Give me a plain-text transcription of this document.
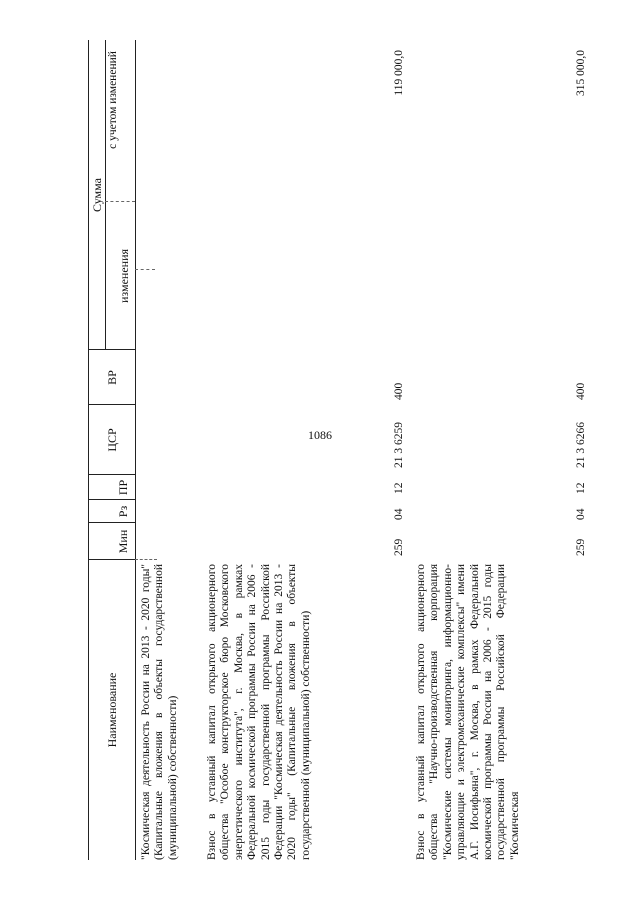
1086
Наименование
Мин
Рз
ПР
ЦСР
ВР
Сумма
изменения
с учетом изменений
"Космическая деятельность России на 2013 - 2020 годы" (Капитальные вложения в объекты государственной (муниципальной) собственности) Взнос в уставный капитал открытого акционерного общества "Особое конструкторское бюро Московского энергетического института", г. Москва, в рамках Федеральной космической программы России на 2006 - 2015 годы государственной программы Российской Федерации "Космическая деятельность России на 2013 - 2020 годы" (Капитальные вложения в объекты государственной (муниципальной) собственности)
259
04
12
21 3 6259
400
119 000,0
Взнос в уставный капитал открытого акционерного общества "Научно-производственная корпорация "Космические системы мониторинга, информационно-управляющие и электромеханические комплексы" имени А.Г. Иосифьяна", г. Москва, в рамках Федеральной космической программы России на 2006 - 2015 годы государственной программы Российской Федерации "Космическая
259
04
12
21 3 6266
400
315 000,0
